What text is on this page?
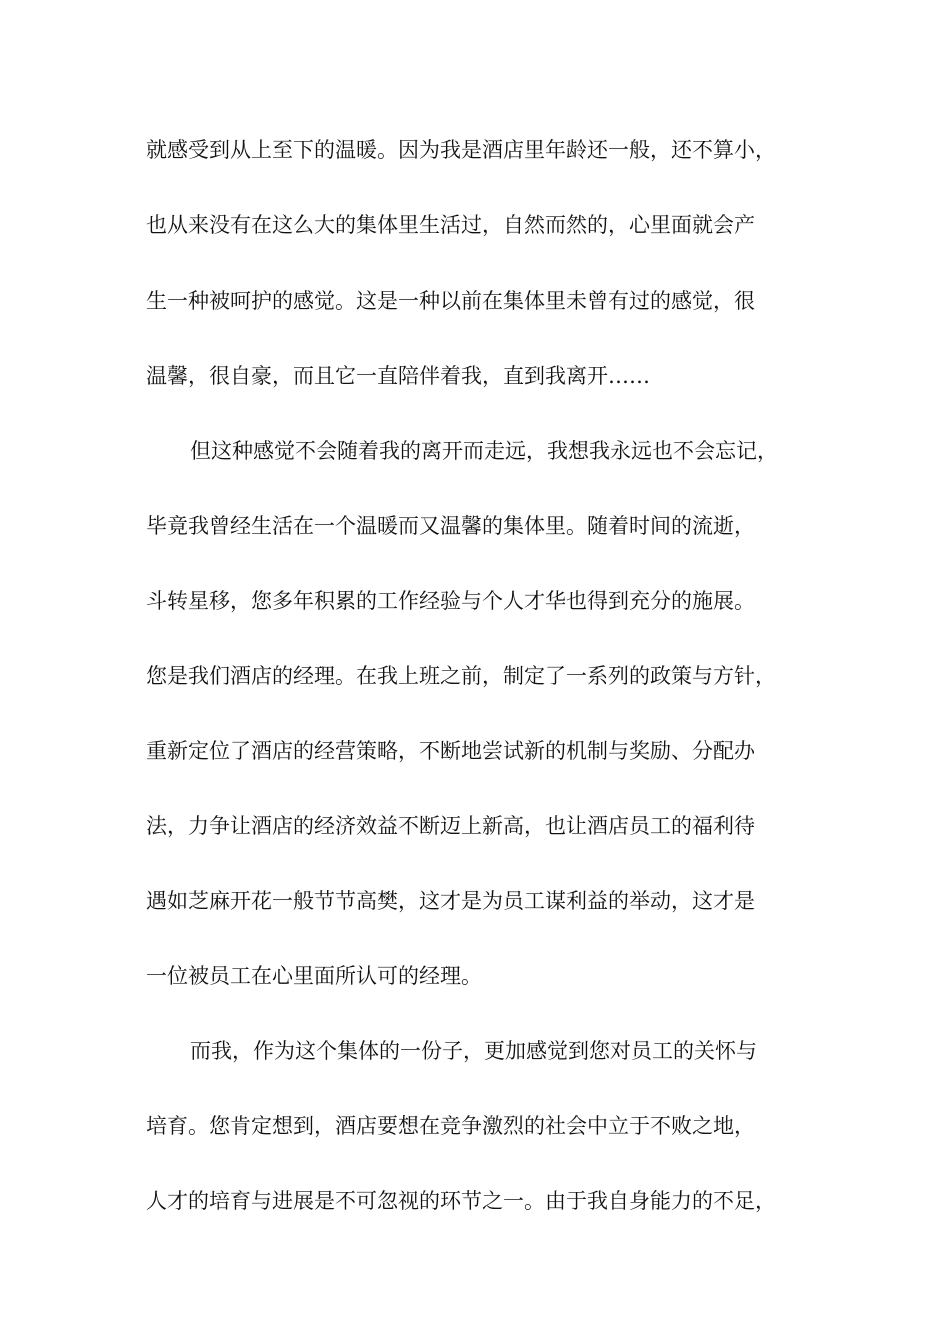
就感受到从上至下的温暖。因为我是酒店里年龄还一般，还不算小，
也从来没有在这么大的集体里生活过，自然而然的，心里面就会产
生一种被呵护的感觉。这是一种以前在集体里未曾有过的感觉，很
温馨，很自豪，而且它一直陪伴着我，直到我离开……
但这种感觉不会随着我的离开而走远，我想我永远也不会忘记，
毕竟我曾经生活在一个温暖而又温馨的集体里。随着时间的流逝，
斗转星移，您多年积累的工作经验与个人才华也得到充分的施展。
您是我们酒店的经理。在我上班之前，制定了一系列的政策与方针，
重新定位了酒店的经营策略，不断地尝试新的机制与奖励、分配办
法，力争让酒店的经济效益不断迈上新高，也让酒店员工的福利待
遇如芝麻开花一般节节高樊，这才是为员工谋利益的举动，这才是
一位被员工在心里面所认可的经理。
而我，作为这个集体的一份子，更加感觉到您对员工的关怀与
培育。您肯定想到，酒店要想在竞争激烈的社会中立于不败之地，
人才的培育与进展是不可忽视的环节之一。由于我自身能力的不足，
